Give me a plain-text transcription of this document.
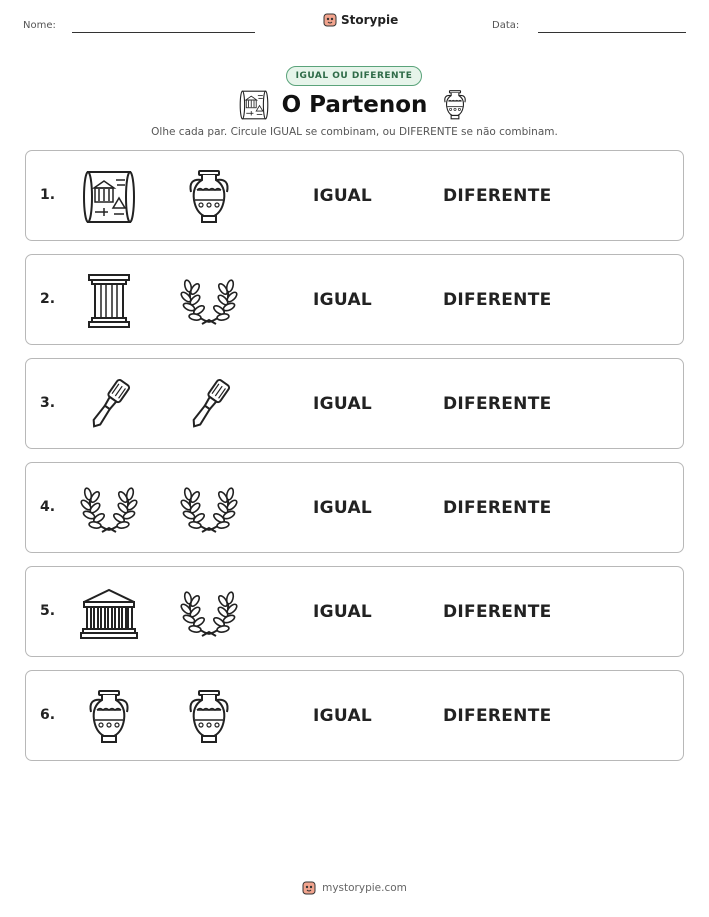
Nome:	Storypie	Data:
IGUAL OU DIFERENTE
O Partenon
Olhe cada par. Circule IGUAL se combinam, ou DIFERENTE se não combinam.
1.	IGUAL	DIFERENTE
2.	IGUAL	DIFERENTE
3.	IGUAL	DIFERENTE
4.	IGUAL	DIFERENTE
5.	IGUAL	DIFERENTE
6.	IGUAL	DIFERENTE
mystorypie.com
